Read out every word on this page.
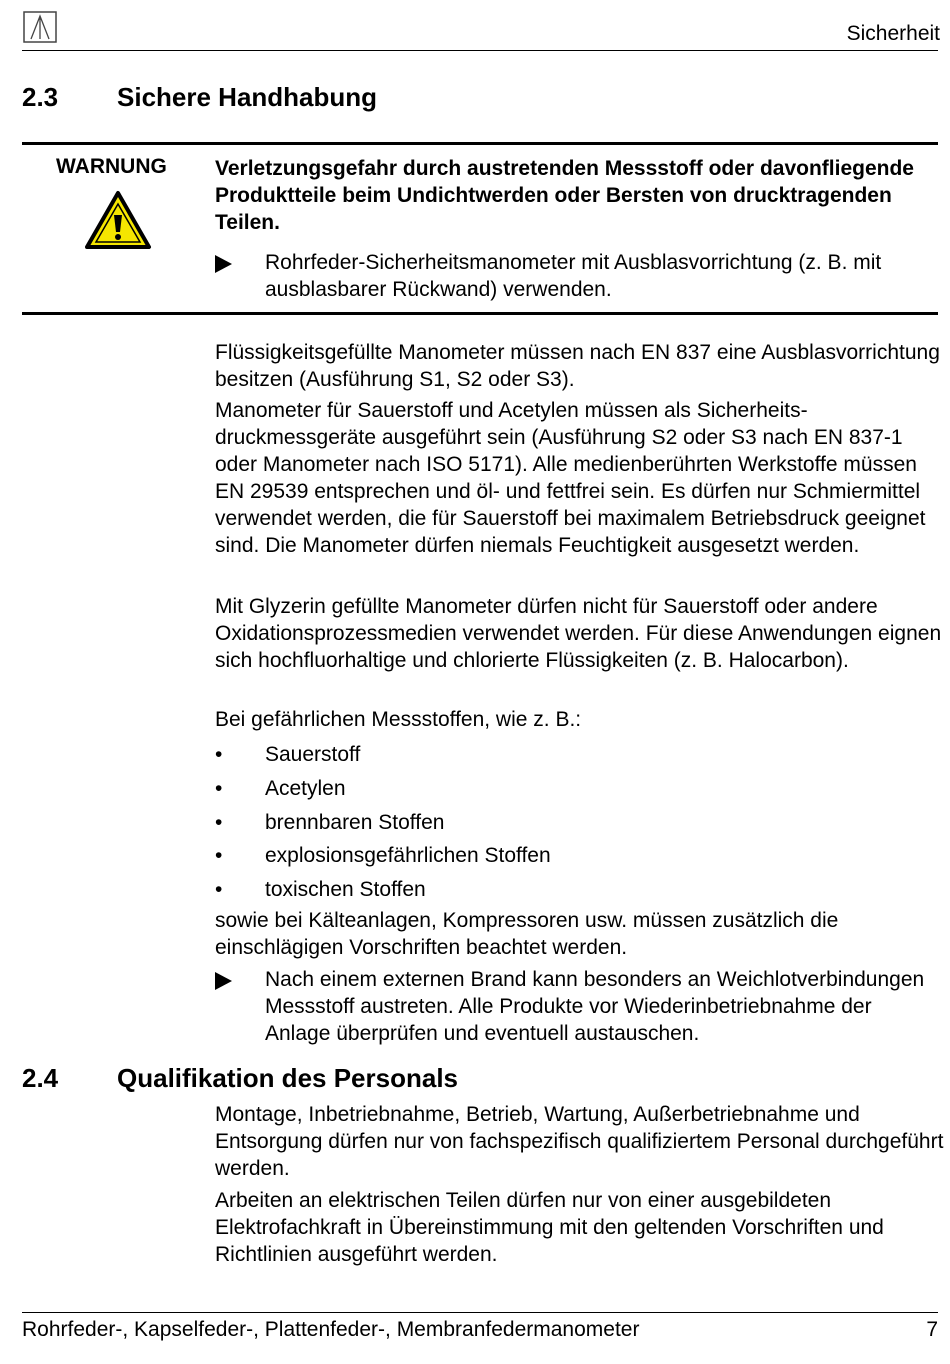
Sicherheit
2.3 Sichere Handhabung
WARNUNG Verletzungsgefahr durch austretenden Messstoff oder davonfliegende Produktteile beim Undichtwerden oder Bersten von drucktragenden Teilen.
Rohrfeder-Sicherheitsmanometer mit Ausblasvorrichtung (z. B. mit ausblasbarer Rückwand) verwenden.
Flüssigkeitsgefüllte Manometer müssen nach EN 837 eine Ausblasvorrichtung besitzen (Ausführung S1, S2 oder S3).
Manometer für Sauerstoff und Acetylen müssen als Sicherheitsdruckmessgeräte ausgeführt sein (Ausführung S2 oder S3 nach EN 837-1 oder Manometer nach ISO 5171). Alle medienberührten Werkstoffe müssen EN 29539 entsprechen und öl- und fettfrei sein. Es dürfen nur Schmiermittel verwendet werden, die für Sauerstoff bei maximalem Betriebsdruck geeignet sind. Die Manometer dürfen niemals Feuchtigkeit ausgesetzt werden.
Mit Glyzerin gefüllte Manometer dürfen nicht für Sauerstoff oder andere Oxidationsprozessmedien verwendet werden. Für diese Anwendungen eignen sich hochfluorhaltige und chlorierte Flüssigkeiten (z. B. Halocarbon).
Bei gefährlichen Messstoffen, wie z. B.:
• Sauerstoff
• Acetylen
• brennbaren Stoffen
• explosionsgefährlichen Stoffen
• toxischen Stoffen
sowie bei Kälteanlagen, Kompressoren usw. müssen zusätzlich die einschlägigen Vorschriften beachtet werden.
Nach einem externen Brand kann besonders an Weichlotverbindungen Messstoff austreten. Alle Produkte vor Wiederinbetriebnahme der Anlage überprüfen und eventuell austauschen.
2.4 Qualifikation des Personals
Montage, Inbetriebnahme, Betrieb, Wartung, Außerbetriebnahme und Entsorgung dürfen nur von fachspezifisch qualifiziertem Personal durchgeführt werden.
Arbeiten an elektrischen Teilen dürfen nur von einer ausgebildeten Elektrofachkraft in Übereinstimmung mit den geltenden Vorschriften und Richtlinien ausgeführt werden.
Rohrfeder-, Kapselfeder-, Plattenfeder-, Membranfedermanometer	7
